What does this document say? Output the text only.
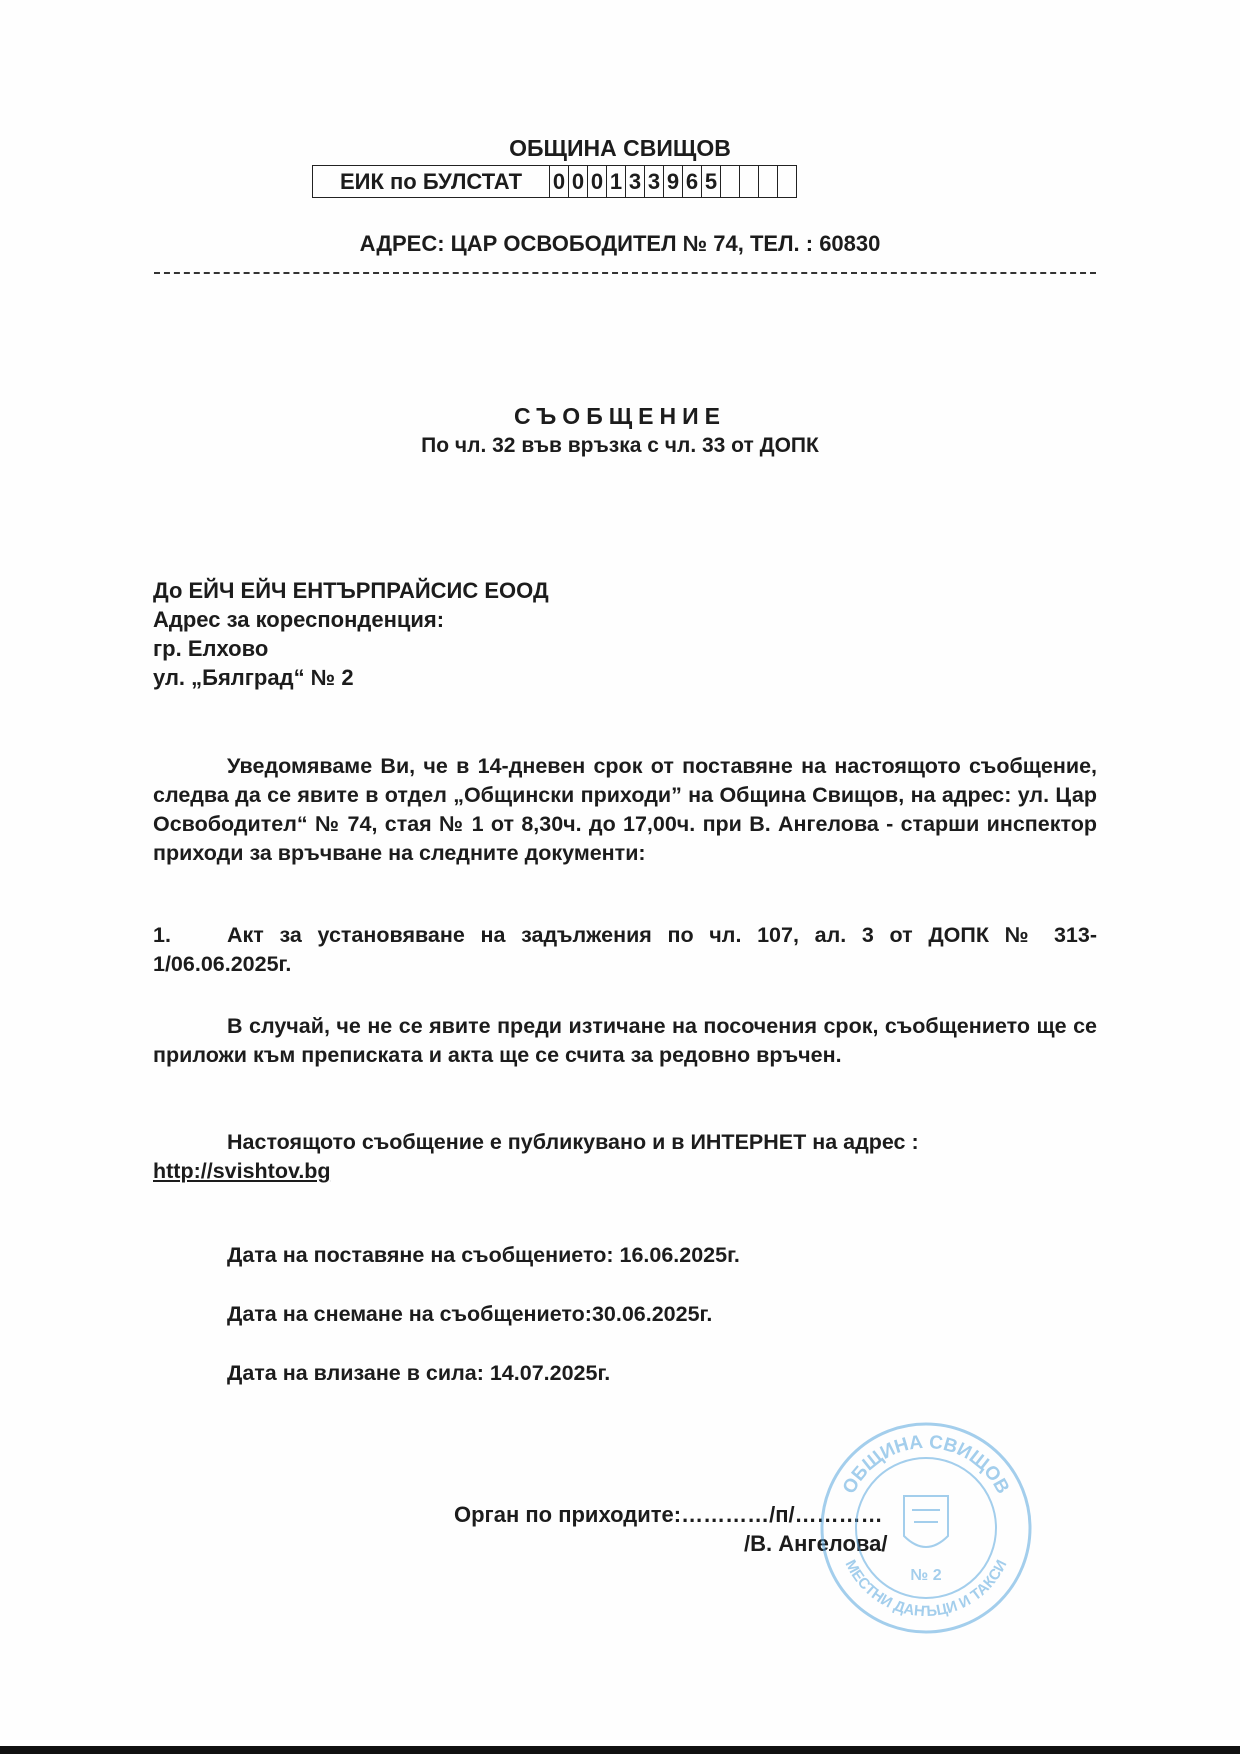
ОБЩИНА СВИЩОВ
ЕИК по БУЛСТАТ	0	0	0	1	3	3	9	6	5				
АДРЕС: ЦАР ОСВОБОДИТЕЛ № 74, ТЕЛ. : 60830
СЪОБЩЕНИЕ
По чл. 32 във връзка с чл. 33 от ДОПК
До ЕЙЧ ЕЙЧ ЕНТЪРПРАЙСИС ЕООД
Адрес за кореспонденция:
гр. Елхово
ул. „Бялград“ № 2
Уведомяваме Ви, че в 14-дневен срок от поставяне на настоящото съобщение, следва да се явите в отдел „Общински приходи” на Община Свищов, на адрес: ул. Цар Освободител“ № 74, стая № 1 от 8,30ч. до 17,00ч. при В. Ангелова - старши инспектор приходи за връчване на следните документи:
1.	Акт за установяване на задължения по чл. 107, ал. 3 от ДОПК № 313-1/06.06.2025г.
В случай, че не се явите преди изтичане на посочения срок, съобщението ще се приложи към преписката и акта ще се счита за редовно връчен.
Настоящото съобщение е публикувано и в ИНТЕРНЕТ на адрес :
http://svishtov.bg
Дата на поставяне на съобщението: 16.06.2025г.
Дата на снемане на съобщението:30.06.2025г.
Дата на влизане в сила: 14.07.2025г.
Орган по приходите:…………/п/…………
/В. Ангелова/
ОБЩИНА СВИЩОВ
МЕСТНИ ДАНЪЦИ И ТАКСИ
№ 2
